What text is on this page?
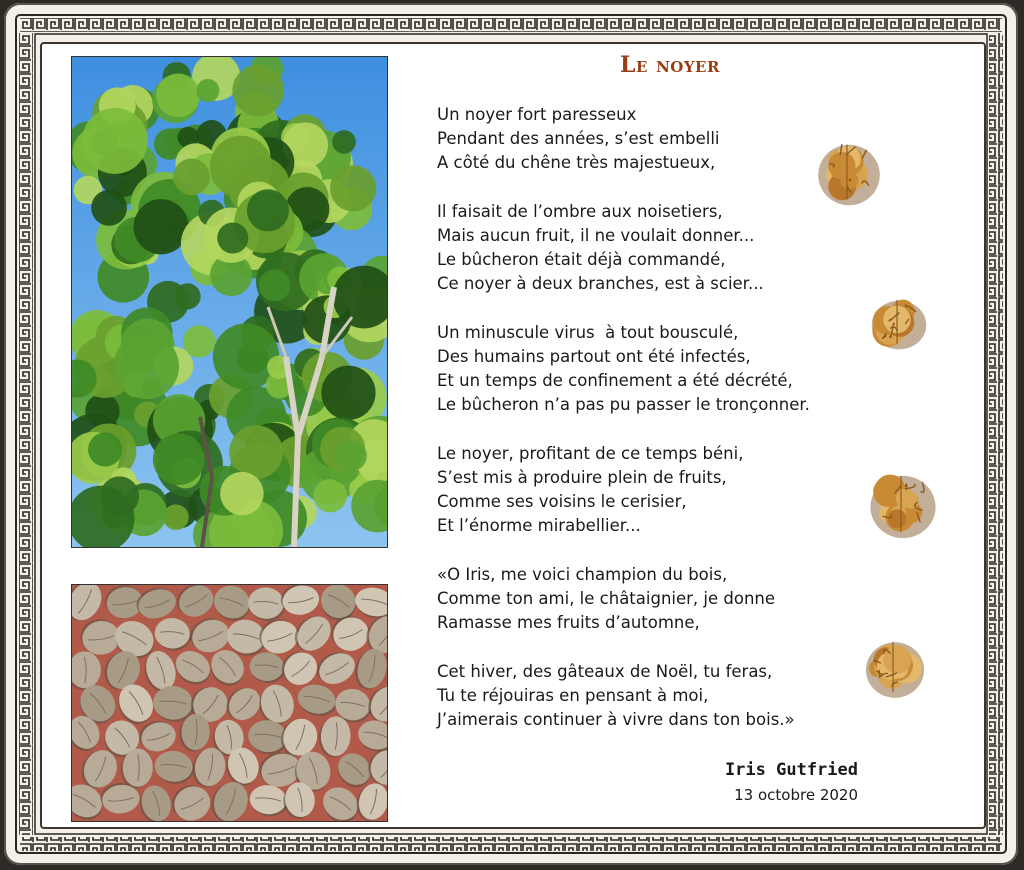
Le noyer
Un noyer fort paresseux
Pendant des années, s’est embelli
A côté du chêne très majestueux,
Il faisait de l’ombre aux noisetiers,
Mais aucun fruit, il ne voulait donner...
Le bûcheron était déjà commandé,
Ce noyer à deux branches, est à scier...
Un minuscule virus  à tout bousculé,
Des humains partout ont été infectés,
Et un temps de confinement a été décrété,
Le bûcheron n’a pas pu passer le tronçonner.
Le noyer, profitant de ce temps béni,
S’est mis à produire plein de fruits,
Comme ses voisins le cerisier,
Et l’énorme mirabellier...
«O Iris, me voici champion du bois,
Comme ton ami, le châtaignier, je donne
Ramasse mes fruits d’automne,
Cet hiver, des gâteaux de Noël, tu feras,
Tu te réjouiras en pensant à moi,
J’aimerais continuer à vivre dans ton bois.»
Iris Gutfried
13 octobre 2020
